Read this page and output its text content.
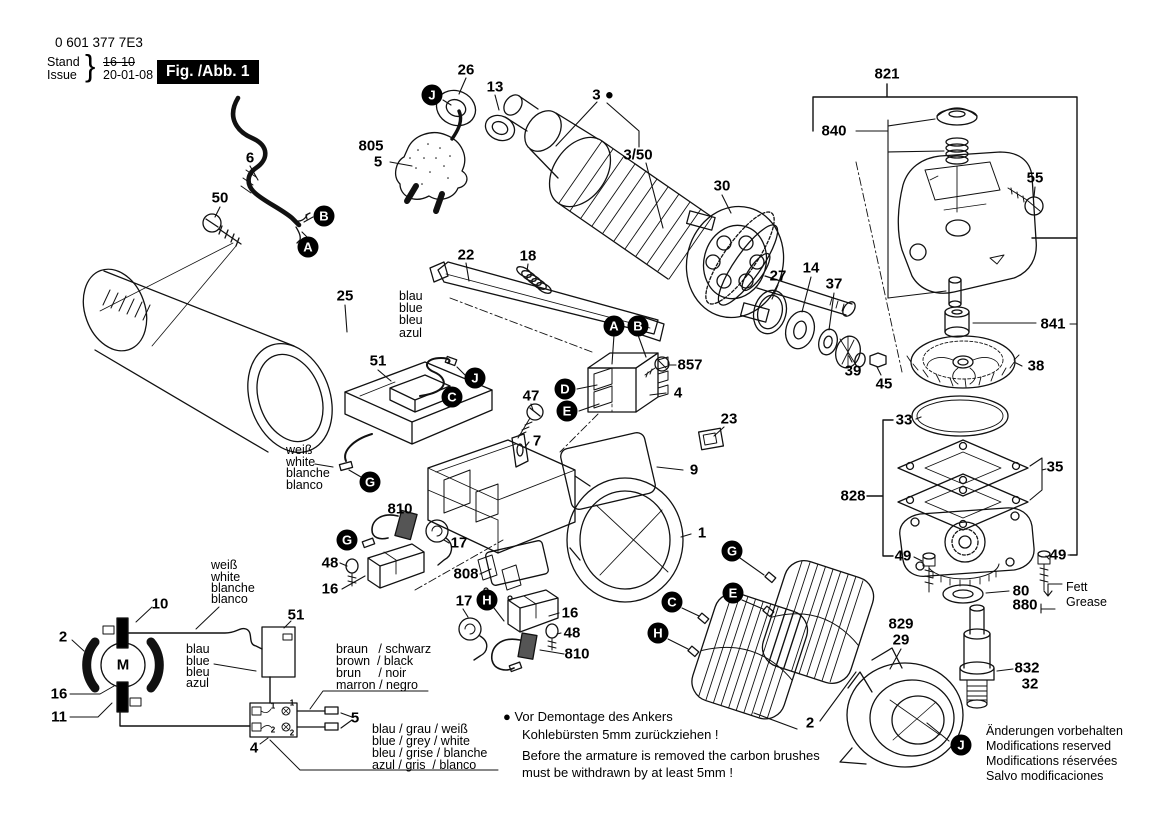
0 601 377 7E3
Stand
Issue } 16-10
20-01-08 Fig. /Abb. 1	26
13	3 ●
3/50
805
5
6
50
30
25
22	18
27 14
37
39
45
51	857
4
47
7
23
9
1
810
17
48
16
808
17
16
48
810
821
840
55
841
38
33
35
828
49	49
80
880
832
32
829
29
2
10
2
16
11
51
4
5
M
1 1
2 2
J
B
A
A	B
J
C
D
E
G
G
H
G
E
C
H
J
blau
blue
bleu
azul
weiß
white
blanche
blanco
weiß
white
blanche
blanco
blau
blue
bleu
azul
braun   / schwarz
brown  / black
brun     / noir
marron / negro
blau / grau / weiß
blue / grey / white
bleu / grise / blanche
azul / gris  / blanco
Fett
Grease
● Vor Demontage des Ankers
Kohlebürsten 5mm zurückziehen !
Before the armature is removed the carbon brushes
must be withdrawn by at least 5mm !
Änderungen vorbehalten
Modifications reserved
Modifications réservées
Salvo modificaciones
